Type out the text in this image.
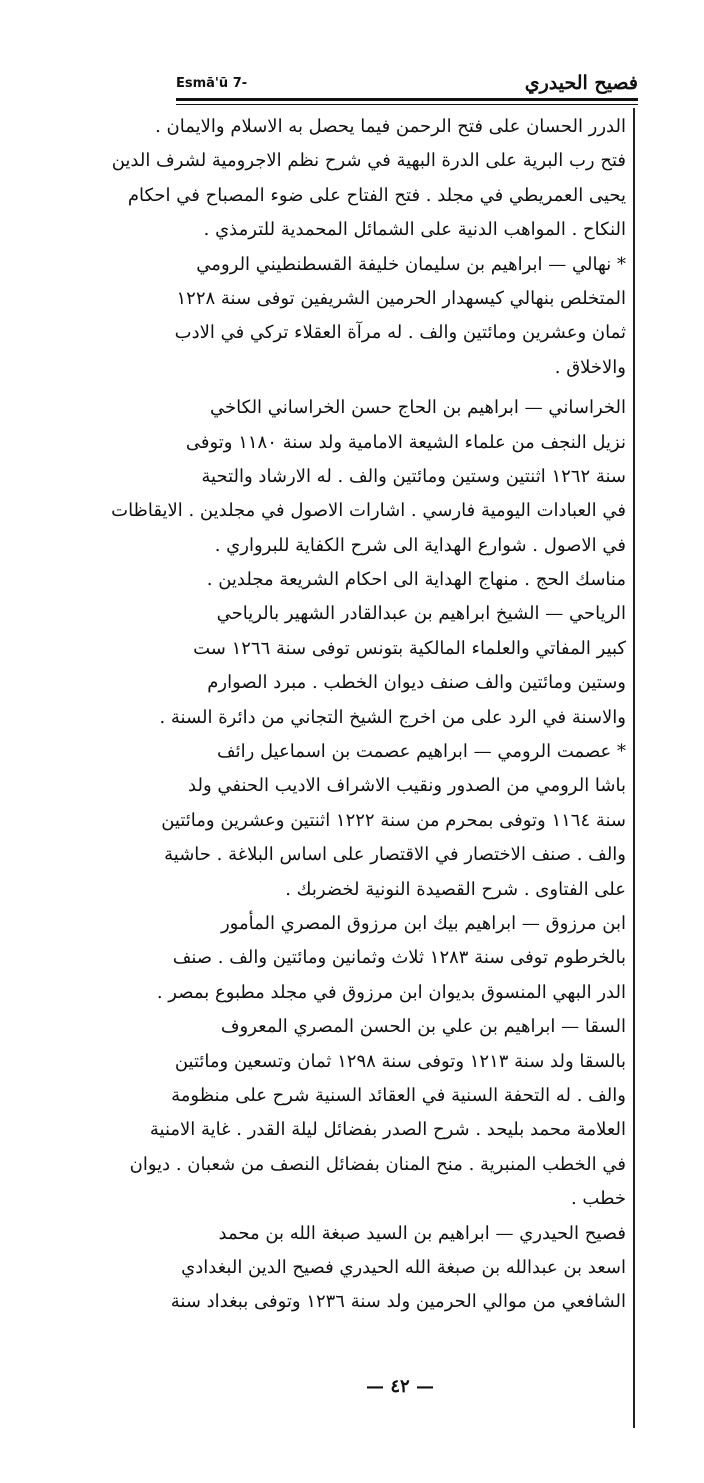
فصيح الحيدري
Esmā'ū 7-
الدرر الحسان على فتح الرحمن فيما يحصل به الاسلام والايمان .
فتح رب البرية على الدرة البهية في شرح نظم الاجرومية لشرف الدين
يحيى العمريطي في مجلد . فتح الفتاح على ضوء المصباح في احكام
النكاح . المواهب الدنية على الشمائل المحمدية للترمذي .
* نهالي — ابراهيم بن سليمان خليفة القسطنطيني الرومي
المتخلص بنهالي كيسهدار الحرمين الشريفين توفى سنة ١٢٢٨
ثمان وعشرين ومائتين والف . له مرآة العقلاء تركي في الادب
والاخلاق .
الخراساني — ابراهيم بن الحاج حسن الخراساني الكاخي
نزيل النجف من علماء الشيعة الامامية ولد سنة ١١٨٠ وتوفى
سنة ١٢٦٢ اثنتين وستين ومائتين والف . له الارشاد والتحية
في العبادات اليومية فارسي . اشارات الاصول في مجلدين . الايقاظات
في الاصول . شوارع الهداية الى شرح الكفاية للبرواري .
مناسك الحج . منهاج الهداية الى احكام الشريعة مجلدين .
الرياحي — الشيخ ابراهيم بن عبدالقادر الشهير بالرياحي
كبير المفاتي والعلماء المالكية بتونس توفى سنة ١٢٦٦ ست
وستين ومائتين والف صنف ديوان الخطب . مبرد الصوارم
والاسنة في الرد على من اخرج الشيخ التجاني من دائرة السنة .
* عصمت الرومي — ابراهيم عصمت بن اسماعيل رائف
باشا الرومي من الصدور ونقيب الاشراف الاديب الحنفي ولد
سنة ١١٦٤ وتوفى بمحرم من سنة ١٢٢٢ اثنتين وعشرين ومائتين
والف . صنف الاختصار في الاقتصار على اساس البلاغة . حاشية
على الفتاوى . شرح القصيدة النونية لخضربك .
ابن مرزوق — ابراهيم بيك ابن مرزوق المصري المأمور
بالخرطوم توفى سنة ١٢٨٣ ثلاث وثمانين ومائتين والف . صنف
الدر البهي المنسوق بديوان ابن مرزوق في مجلد مطبوع بمصر .
السقا — ابراهيم بن علي بن الحسن المصري المعروف
بالسقا ولد سنة ١٢١٣ وتوفى سنة ١٢٩٨ ثمان وتسعين ومائتين
والف . له التحفة السنية في العقائد السنية شرح على منظومة
العلامة محمد بليحد . شرح الصدر بفضائل ليلة القدر . غاية الامنية
في الخطب المنبرية . منح المنان بفضائل النصف من شعبان . ديوان
خطب .
فصيح الحيدري — ابراهيم بن السيد صبغة الله بن محمد
اسعد بن عبدالله بن صبغة الله الحيدري فصيح الدين البغدادي
الشافعي من موالي الحرمين ولد سنة ١٢٣٦ وتوفى ببغداد سنة
— ٤٢ —
